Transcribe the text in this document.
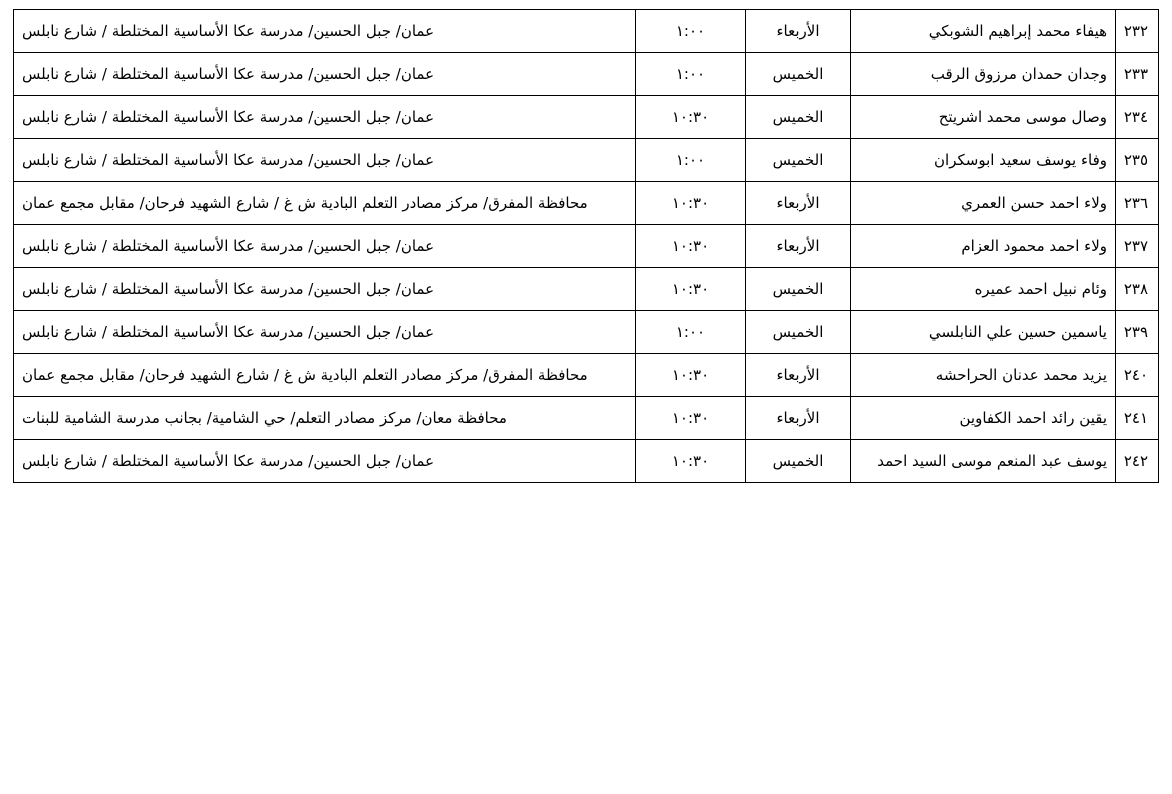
٢٣٢	هيفاء محمد إبراهيم الشوبكي	الأربعاء	١:٠٠	عمان/ جبل الحسين/ مدرسة عكا الأساسية المختلطة / شارع نابلس
٢٣٣	وجدان حمدان مرزوق الرقب	الخميس	١:٠٠	عمان/ جبل الحسين/ مدرسة عكا الأساسية المختلطة / شارع نابلس
٢٣٤	وصال موسى محمد اشريتح	الخميس	١٠:٣٠	عمان/ جبل الحسين/ مدرسة عكا الأساسية المختلطة / شارع نابلس
٢٣٥	وفاء يوسف سعيد ابوسكران	الخميس	١:٠٠	عمان/ جبل الحسين/ مدرسة عكا الأساسية المختلطة / شارع نابلس
٢٣٦	ولاء احمد حسن العمري	الأربعاء	١٠:٣٠	محافظة المفرق/ مركز مصادر التعلم البادية ش غ / شارع الشهيد فرحان/ مقابل مجمع عمان
٢٣٧	ولاء احمد محمود العزام	الأربعاء	١٠:٣٠	عمان/ جبل الحسين/ مدرسة عكا الأساسية المختلطة / شارع نابلس
٢٣٨	وئام نبيل احمد عميره	الخميس	١٠:٣٠	عمان/ جبل الحسين/ مدرسة عكا الأساسية المختلطة / شارع نابلس
٢٣٩	ياسمين حسين علي النابلسي	الخميس	١:٠٠	عمان/ جبل الحسين/ مدرسة عكا الأساسية المختلطة / شارع نابلس
٢٤٠	يزيد محمد عدنان الحراحشه	الأربعاء	١٠:٣٠	محافظة المفرق/ مركز مصادر التعلم البادية ش غ / شارع الشهيد فرحان/ مقابل مجمع عمان
٢٤١	يقين رائد احمد الكفاوين	الأربعاء	١٠:٣٠	محافظة معان/ مركز مصادر التعلم/ حي الشامية/ بجانب مدرسة الشامية للبنات
٢٤٢	يوسف عبد المنعم موسى السيد احمد	الخميس	١٠:٣٠	عمان/ جبل الحسين/ مدرسة عكا الأساسية المختلطة / شارع نابلس
